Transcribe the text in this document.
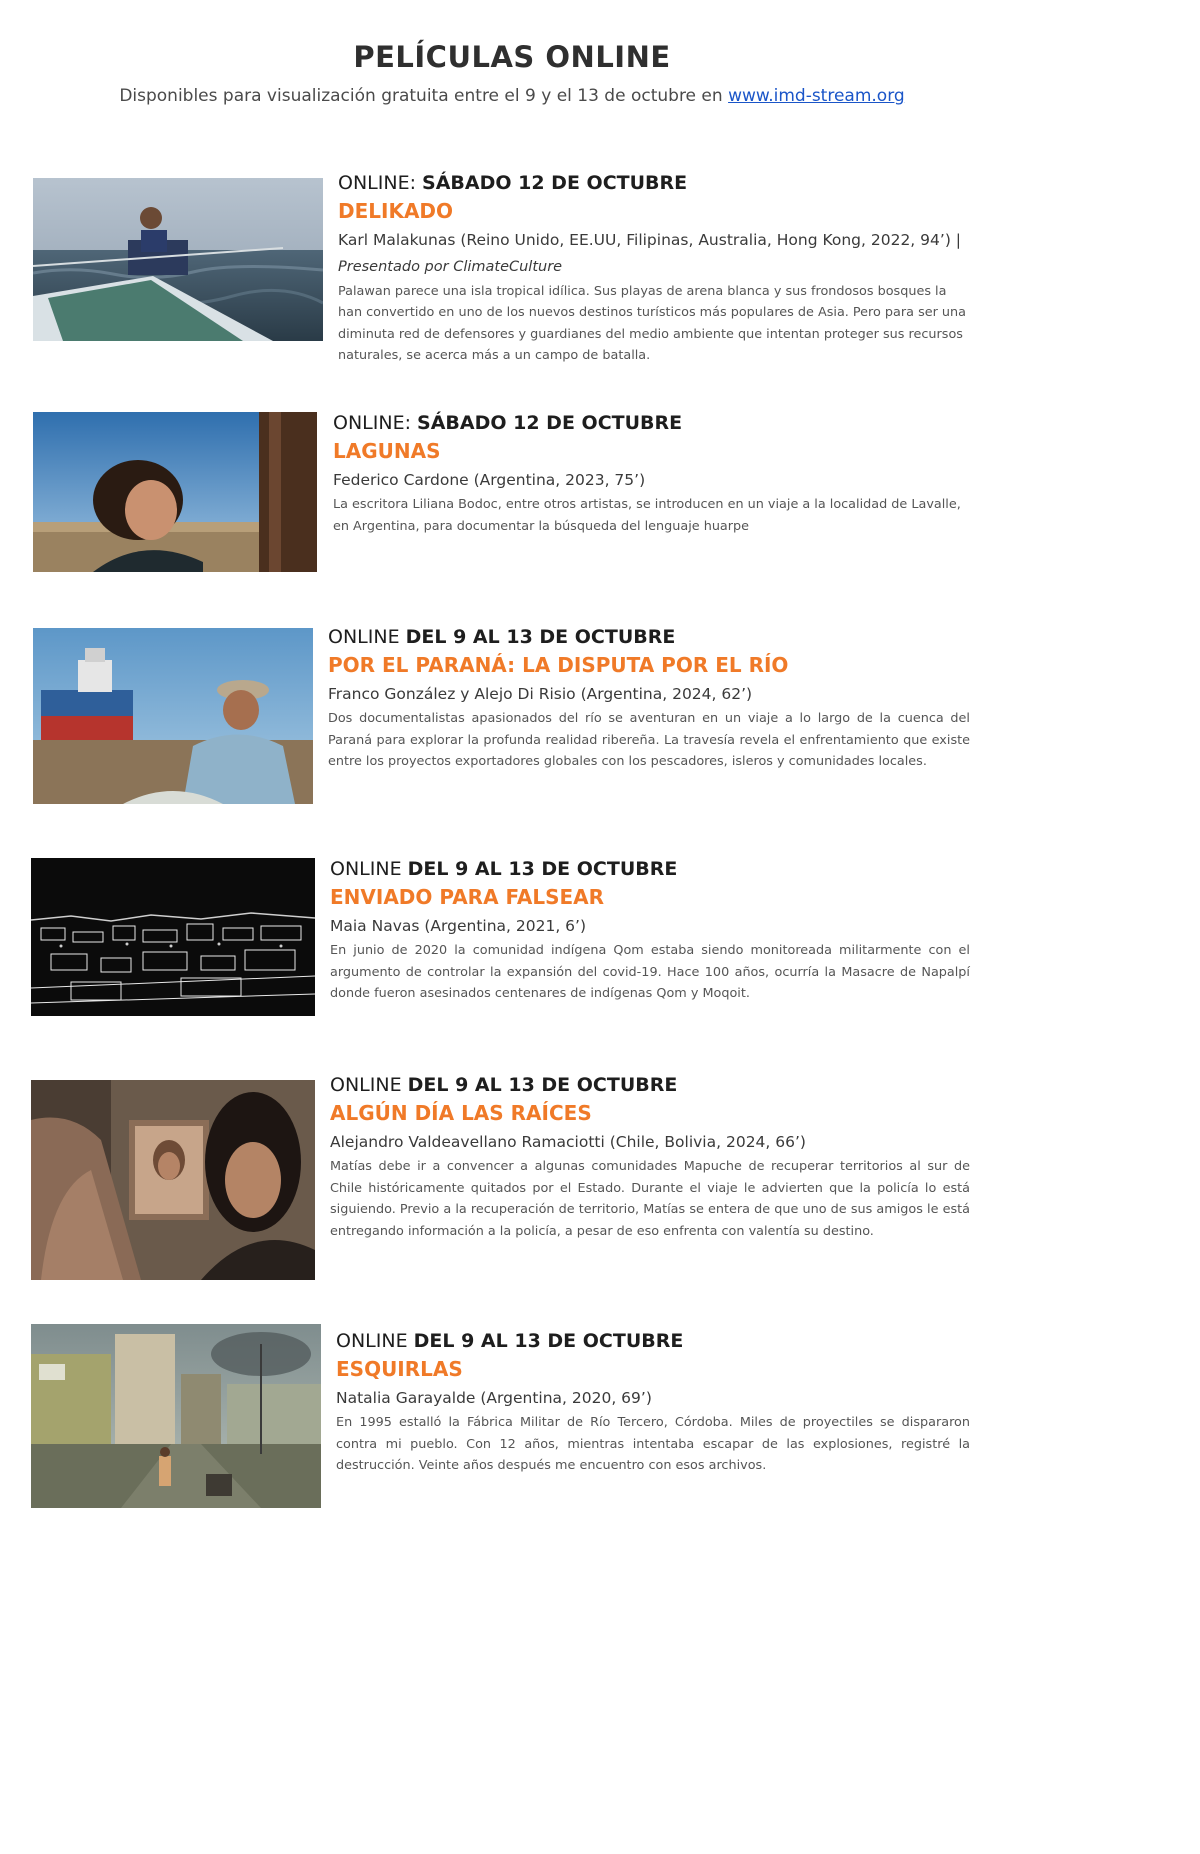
PELÍCULAS ONLINE

Disponibles para visualización gratuita entre el 9 y el 13 de octubre en www.imd-stream.org

ONLINE: SÁBADO 12 DE OCTUBRE
DELIKADO
Karl Malakunas (Reino Unido, EE.UU, Filipinas, Australia, Hong Kong, 2022, 94’) | Presentado por ClimateCulture

Palawan parece una isla tropical idílica. Sus playas de arena blanca y sus frondosos bosques la han convertido en uno de los nuevos destinos turísticos más populares de Asia. Pero para ser una diminuta red de defensores y guardianes del medio ambiente que intentan proteger sus recursos naturales, se acerca más a un campo de batalla.

ONLINE: SÁBADO 12 DE OCTUBRE
LAGUNAS
Federico Cardone (Argentina, 2023, 75’)

La escritora Liliana Bodoc, entre otros artistas, se introducen en un viaje a la localidad de Lavalle, en Argentina, para documentar la búsqueda del lenguaje huarpe

ONLINE DEL 9 AL 13 DE OCTUBRE
POR EL PARANÁ: LA DISPUTA POR EL RÍO
Franco González y Alejo Di Risio (Argentina, 2024, 62’)

Dos documentalistas apasionados del río se aventuran en un viaje a lo largo de la cuenca del Paraná para explorar la profunda realidad ribereña. La travesía revela el enfrentamiento que existe entre los proyectos exportadores globales con los pescadores, isleros y comunidades locales.

ONLINE DEL 9 AL 13 DE OCTUBRE
ENVIADO PARA FALSEAR
Maia Navas (Argentina, 2021, 6’)

En junio de 2020 la comunidad indígena Qom estaba siendo monitoreada militarmente con el argumento de controlar la expansión del covid-19. Hace 100 años, ocurría la Masacre de Napalpí donde fueron asesinados centenares de indígenas Qom y Moqoit.

ONLINE DEL 9 AL 13 DE OCTUBRE
ALGÚN DÍA LAS RAÍCES
Alejandro Valdeavellano Ramaciotti (Chile, Bolivia, 2024, 66’)

Matías debe ir a convencer a algunas comunidades Mapuche de recuperar territorios al sur de Chile históricamente quitados por el Estado. Durante el viaje le advierten que la policía lo está siguiendo. Previo a la recuperación de territorio, Matías se entera de que uno de sus amigos le está entregando información a la policía, a pesar de eso enfrenta con valentía su destino.

ONLINE DEL 9 AL 13 DE OCTUBRE
ESQUIRLAS
Natalia Garayalde (Argentina, 2020, 69’)

En 1995 estalló la Fábrica Militar de Río Tercero, Córdoba. Miles de proyectiles se dispararon contra mi pueblo. Con 12 años, mientras intentaba escapar de las explosiones, registré la destrucción. Veinte años después me encuentro con esos archivos.
